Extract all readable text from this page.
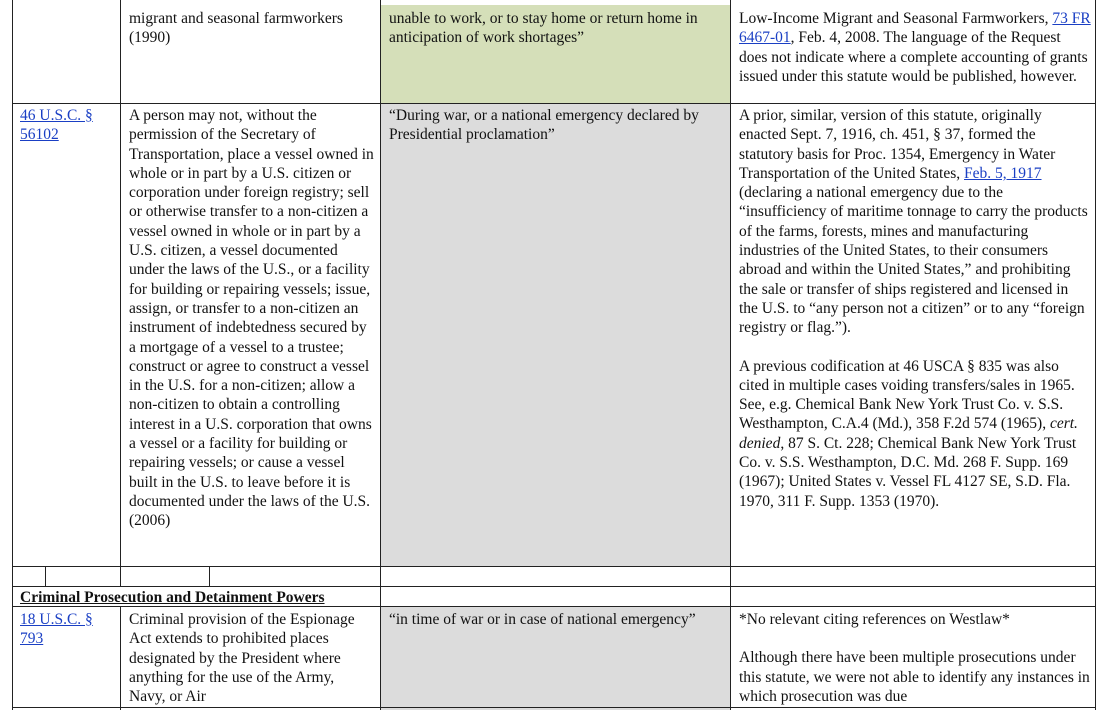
migrant and seasonal farmworkers (1990)

unable to work, or to stay home or return home in anticipation of work shortages”

Low-Income Migrant and Seasonal Farmworkers, 73 FR 6467-01, Feb. 4, 2008. The language of the Request does not indicate where a complete accounting of grants issued under this statute would be published, however.

46 U.S.C. § 56102

A person may not, without the permission of the Secretary of Transportation, place a vessel owned in whole or in part by a U.S. citizen or corporation under foreign registry; sell or otherwise transfer to a non-citizen a vessel owned in whole or in part by a U.S. citizen, a vessel documented under the laws of the U.S., or a facility for building or repairing vessels; issue, assign, or transfer to a non-citizen an instrument of indebtedness secured by a mortgage of a vessel to a trustee; construct or agree to construct a vessel in the U.S. for a non-citizen; allow a non-citizen to obtain a controlling interest in a U.S. corporation that owns a vessel or a facility for building or repairing vessels; or cause a vessel built in the U.S. to leave before it is documented under the laws of the U.S. (2006)

“During war, or a national emergency declared by Presidential proclamation”

A prior, similar, version of this statute, originally enacted Sept. 7, 1916, ch. 451, § 37, formed the statutory basis for Proc. 1354, Emergency in Water Transportation of the United States, Feb. 5, 1917 (declaring a national emergency due to the “insufficiency of maritime tonnage to carry the products of the farms, forests, mines and manufacturing industries of the United States, to their consumers abroad and within the United States,” and prohibiting the sale or transfer of ships registered and licensed in the U.S. to “any person not a citizen” or to any “foreign registry or flag.”).

A previous codification at 46 USCA § 835 was also cited in multiple cases voiding transfers/sales in 1965. See, e.g. Chemical Bank New York Trust Co. v. S.S. Westhampton, C.A.4 (Md.), 358 F.2d 574 (1965), cert. denied, 87 S. Ct. 228; Chemical Bank New York Trust Co. v. S.S. Westhampton, D.C. Md. 268 F. Supp. 169 (1967); United States v. Vessel FL 4127 SE, S.D. Fla. 1970, 311 F. Supp. 1353 (1970).

Criminal Prosecution and Detainment Powers

18 U.S.C. § 793

Criminal provision of the Espionage Act extends to prohibited places designated by the President where anything for the use of the Army, Navy, or Air

“in time of war or in case of national emergency”	*No relevant citing references on Westlaw*

Although there have been multiple prosecutions under this statute, we were not able to identify any instances in which prosecution was due
